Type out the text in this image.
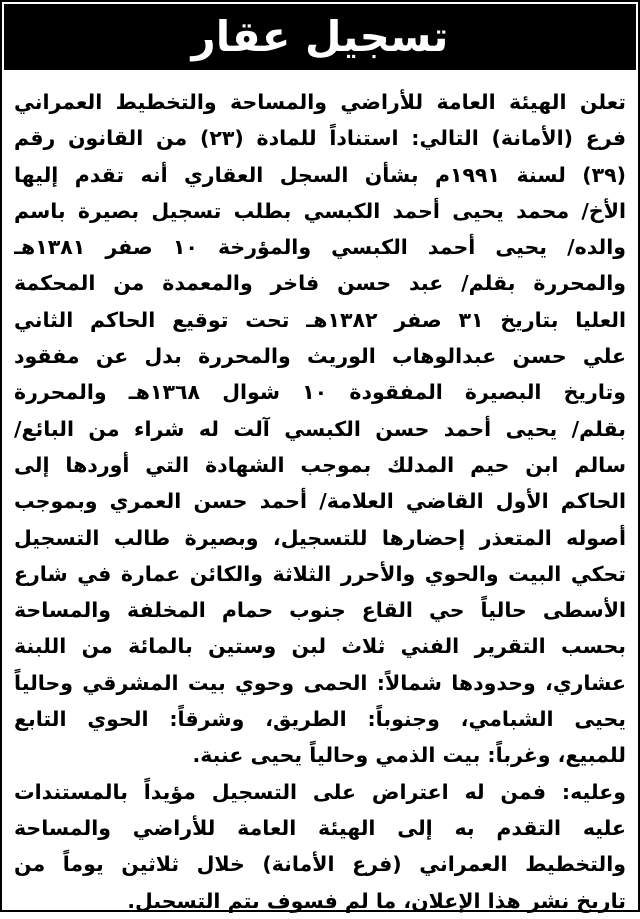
تسجيل عقار
تعلن الهيئة العامة للأراضي والمساحة والتخطيط العمراني
فرع (الأمانة) التالي: استناداً للمادة (٢٣) من القانون رقم
(٣٩) لسنة ١٩٩١م بشأن السجل العقاري أنه تقدم إليها
الأخ/ محمد يحيى أحمد الكبسي بطلب تسجيل بصيرة باسم
والده/ يحيى أحمد الكبسي والمؤرخة ١٠ صفر ١٣٨١هـ
والمحررة بقلم/ عبد حسن فاخر والمعمدة من المحكمة
العليا بتاريخ ٣١ صفر ١٣٨٢هـ تحت توقيع الحاكم الثاني
علي حسن عبدالوهاب الوريث والمحررة بدل عن مفقود
وتاريخ البصيرة المفقودة ١٠ شوال ١٣٦٨هـ والمحررة
بقلم/ يحيى أحمد حسن الكبسي آلت له شراء من البائع/
سالم ابن حيم المدلك بموجب الشهادة التي أوردها إلى
الحاكم الأول القاضي العلامة/ أحمد حسن العمري وبموجب
أصوله المتعذر إحضارها للتسجيل، وبصيرة طالب التسجيل
تحكي البيت والحوي والأحرر الثلاثة والكائن عمارة في شارع
الأسطى حالياً حي القاع جنوب حمام المخلفة والمساحة
بحسب التقرير الفني ثلاث لبن وستين بالمائة من اللبنة
عشاري، وحدودها شمالاً: الحمى وحوي بيت المشرقي وحالياً
يحيى الشبامي، وجنوباً: الطريق، وشرقاً: الحوي التابع
للمبيع، وغرباً: بيت الذمي وحالياً يحيى عنبة.
وعليه: فمن له اعتراض على التسجيل مؤيداً بالمستندات
عليه التقدم به إلى الهيئة العامة للأراضي والمساحة
والتخطيط العمراني (فرع الأمانة) خلال ثلاثين يوماً من
تاريخ نشر هذا الإعلان، ما لم فسوف يتم التسجيل.
